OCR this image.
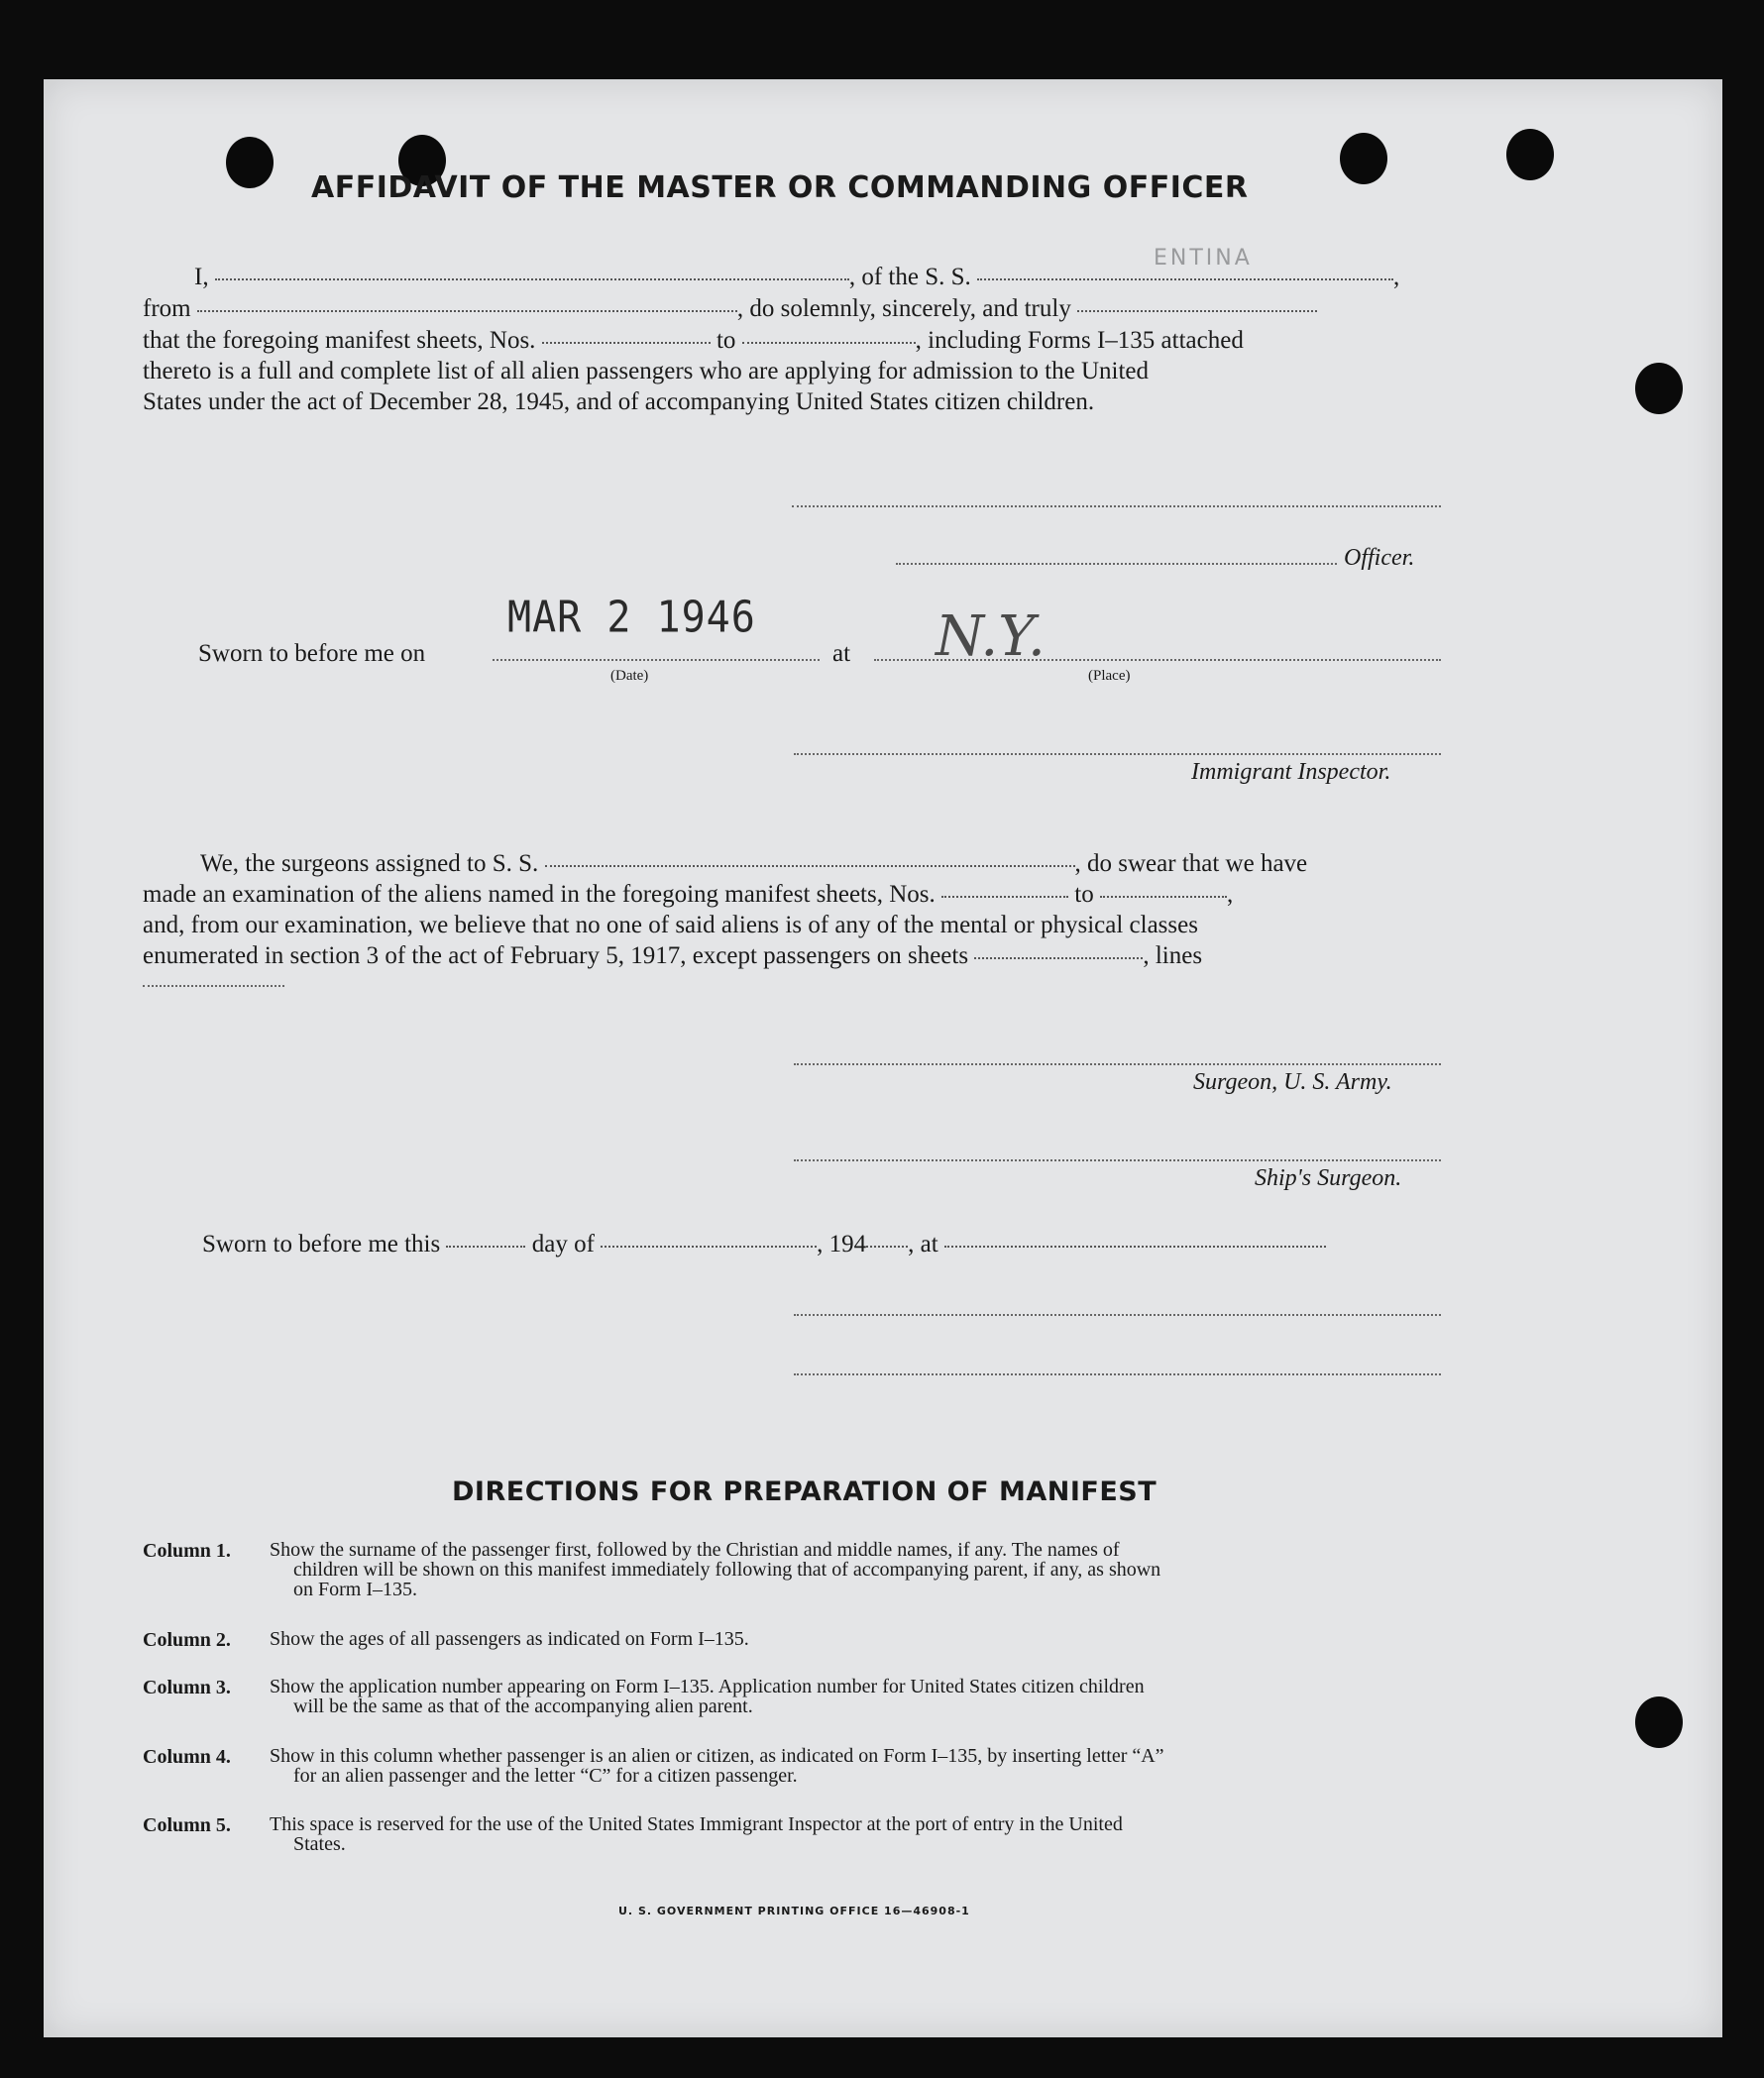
AFFIDAVIT OF THE MASTER OR COMMANDING OFFICER
I,	, of the S. S.	,
ENTINA
from	, do solemnly, sincerely, and truly
that the foregoing manifest sheets, Nos.	to	, including Forms I–135 attached
thereto is a full and complete list of all alien passengers who are applying for admission to the United
States under the act of December 28, 1945, and of accompanying United States citizen children.
Officer.
Sworn to before me on
MAR 2 1946
(Date)
at N.Y.
(Place)
Immigrant Inspector.
We, the surgeons assigned to S. S.	, do swear that we have
made an examination of the aliens named in the foregoing manifest sheets, Nos.	to	,
and, from our examination, we believe that no one of said aliens is of any of the mental or physical classes
enumerated in section 3 of the act of February 5, 1917, except passengers on sheets	, lines
Surgeon, U. S. Army.
Ship's Surgeon.
Sworn to before me this	day of	, 194 , at
DIRECTIONS FOR PREPARATION OF MANIFEST
Column 1. Show the surname of the passenger first, followed by the Christian and middle names, if any. The names of
children will be shown on this manifest immediately following that of accompanying parent, if any, as shown
on Form I–135.
Column 2. Show the ages of all passengers as indicated on Form I–135.
Column 3. Show the application number appearing on Form I–135. Application number for United States citizen children
will be the same as that of the accompanying alien parent.
Column 4. Show in this column whether passenger is an alien or citizen, as indicated on Form I–135, by inserting letter “A”
for an alien passenger and the letter “C” for a citizen passenger.
Column 5. This space is reserved for the use of the United States Immigrant Inspector at the port of entry in the United
States.
U. S. GOVERNMENT PRINTING OFFICE 16—46908-1
